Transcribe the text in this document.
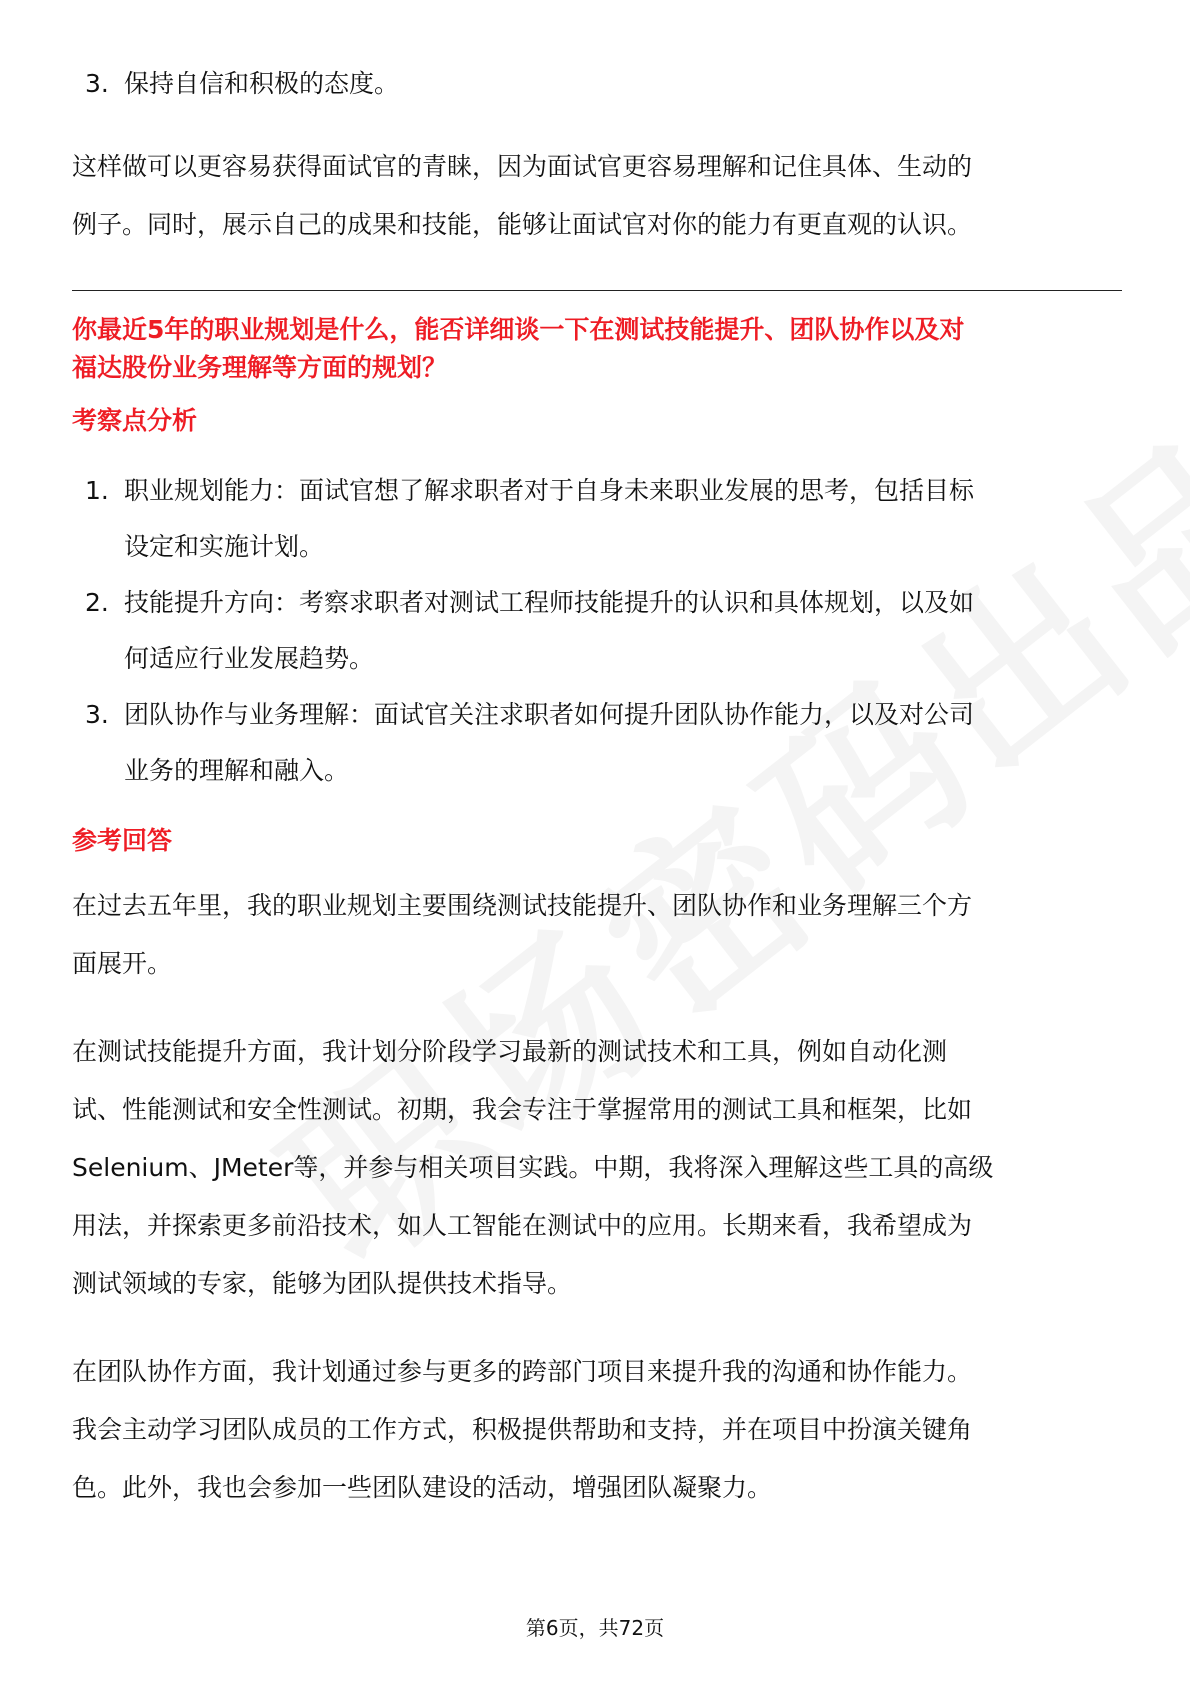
3. 保持自信和积极的态度。

这样做可以更容易获得面试官的青睐，因为面试官更容易理解和记住具体、生动的
例子。同时，展示自己的成果和技能，能够让面试官对你的能力有更直观的认识。

你最近5年的职业规划是什么，能否详细谈一下在测试技能提升、团队协作以及对
福达股份业务理解等方面的规划？

考察点分析

1. 职业规划能力：面试官想了解求职者对于自身未来职业发展的思考，包括目标
设定和实施计划。
2. 技能提升方向：考察求职者对测试工程师技能提升的认识和具体规划，以及如
何适应行业发展趋势。
3. 团队协作与业务理解：面试官关注求职者如何提升团队协作能力，以及对公司
业务的理解和融入。

参考回答

在过去五年里，我的职业规划主要围绕测试技能提升、团队协作和业务理解三个方
面展开。

在测试技能提升方面，我计划分阶段学习最新的测试技术和工具，例如自动化测
试、性能测试和安全性测试。初期，我会专注于掌握常用的测试工具和框架，比如
Selenium、JMeter等，并参与相关项目实践。中期，我将深入理解这些工具的高级
用法，并探索更多前沿技术，如人工智能在测试中的应用。长期来看，我希望成为
测试领域的专家，能够为团队提供技术指导。

在团队协作方面，我计划通过参与更多的跨部门项目来提升我的沟通和协作能力。
我会主动学习团队成员的工作方式，积极提供帮助和支持，并在项目中扮演关键角
色。此外，我也会参加一些团队建设的活动，增强团队凝聚力。

第6页，共72页
